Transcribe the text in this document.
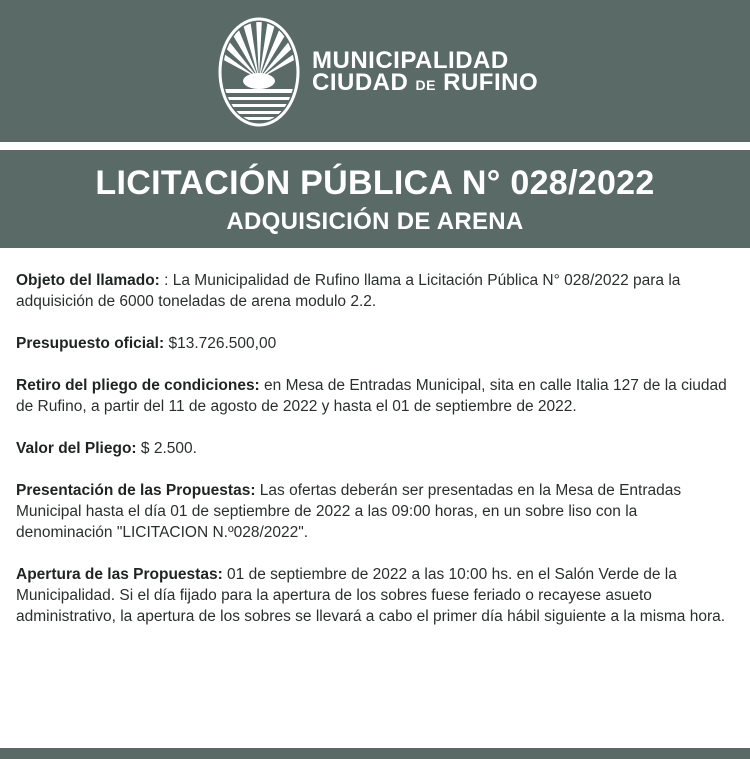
MUNICIPALIDAD
CIUDAD DE RUFINO
LICITACIÓN PÚBLICA N° 028/2022
ADQUISICIÓN DE ARENA

Objeto del llamado: : La Municipalidad de Rufino llama a Licitación Pública N° 028/2022 para la adquisición de 6000 toneladas de arena modulo 2.2.

Presupuesto oficial: $13.726.500,00

Retiro del pliego de condiciones: en Mesa de Entradas Municipal, sita en calle Italia 127 de la ciudad de Rufino, a partir del 11 de agosto de 2022 y hasta el 01 de septiembre de 2022.

Valor del Pliego: $ 2.500.

Presentación de las Propuestas: Las ofertas deberán ser presentadas en la Mesa de Entradas Municipal hasta el día 01 de septiembre de 2022 a las 09:00 horas, en un sobre liso con la denominación "LICITACION N.º028/2022".

Apertura de las Propuestas: 01 de septiembre de 2022 a las 10:00 hs. en el Salón Verde de la Municipalidad. Si el día fijado para la apertura de los sobres fuese feriado o recayese asueto administrativo, la apertura de los sobres se llevará a cabo el primer día hábil siguiente a la misma hora.
